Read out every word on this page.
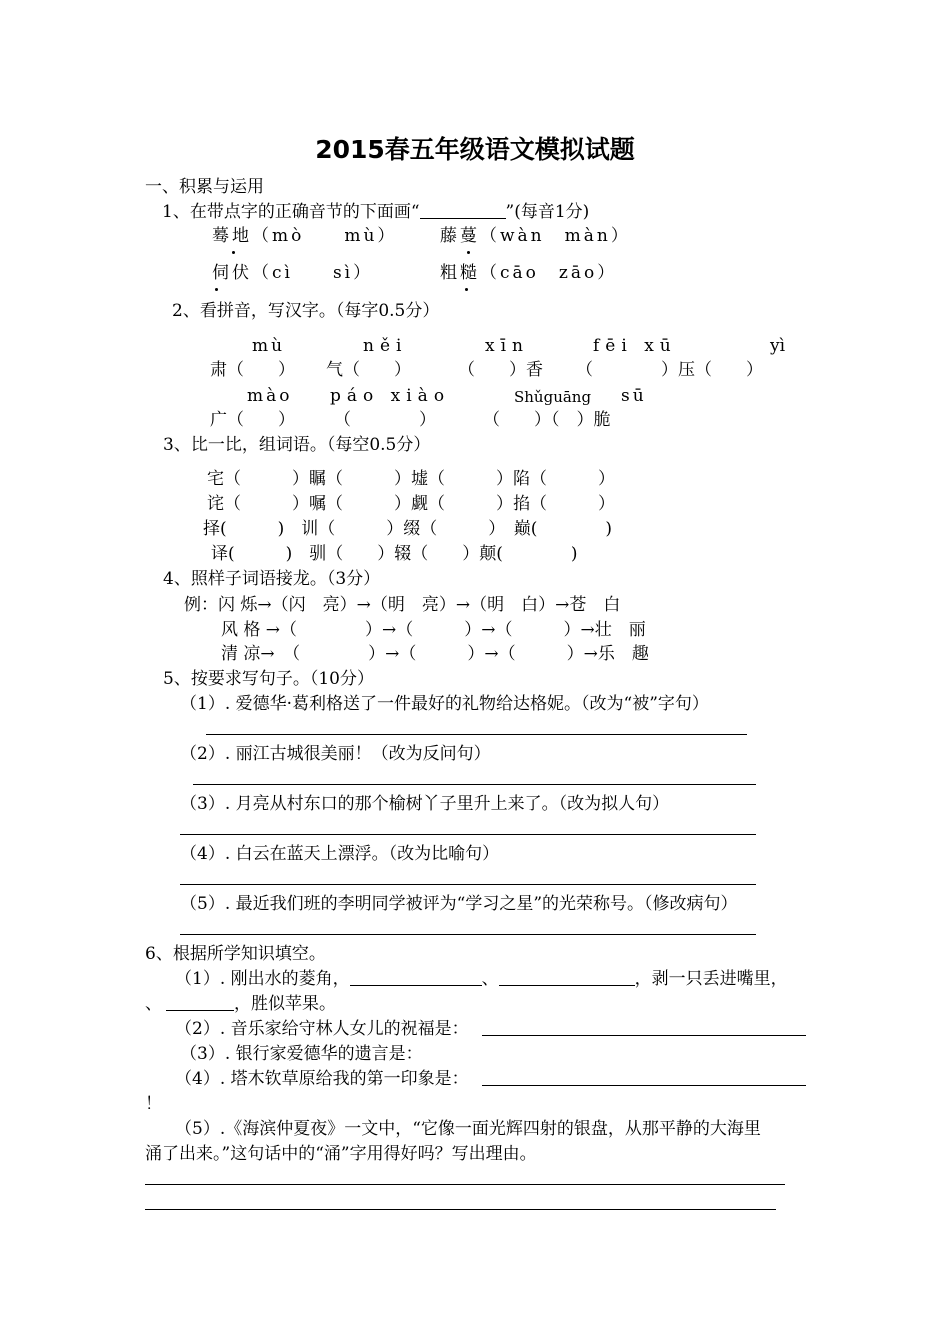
2015春五年级语文模拟试题
一、积累与运用
1、在带点字的正确音节的下面画“	”(每音1分)
蓦地（mò　　mù）	藤蔓（wàn　màn）
伺伏（cì　　sì）	粗糙（cāo　zāo）
2、看拼音，写汉字。（每字0.5分）
mù	něi	xīn	fēi xū	yì
肃（　　） 气（　　）	（　　）香 （　　　　）压（　　）
mào páo xiào	Shǔguāng sū
广（　　） （　　　　）	（　　）（　）脆
3、比一比，组词语。（每空0.5分）
宅（　　　）瞩（　　　）墟（　　　）陷（　　　）
诧（　　　）嘱（　　　）觑（　　　）掐（　　　）
择(　　　)　训（　　　）缀（　　　）　巅(　　　　)
译(　　　)　驯（　　）辍（　　）颠(　　　　)
4、照样子词语接龙。（3分）
例：闪 烁→（闪　亮）→（明　亮）→（明　白）→苍　白
风 格 →（　　　　）→（　　　）→（　　　）→壮　丽
清 凉→　（　　　　）→（　　　）→（　　　）→乐　趣
5、按要求写句子。（10分）
（1）. 爱德华·葛利格送了一件最好的礼物给达格妮。（改为“被”字句）
（2）. 丽江古城很美丽！（改为反问句）
（3）. 月亮从村东口的那个榆树丫子里升上来了。（改为拟人句）
（4）. 白云在蓝天上漂浮。（改为比喻句）
（5）. 最近我们班的李明同学被评为“学习之星”的光荣称号。（修改病句）
6、根据所学知识填空。
（1）. 刚出水的菱角，	、	，剥一只丢进嘴里，
、	，胜似苹果。
（2）. 音乐家给守林人女儿的祝福是：
（3）. 银行家爱德华的遗言是：
（4）. 塔木钦草原给我的第一印象是：
！
（5）.《海滨仲夏夜》一文中，“它像一面光辉四射的银盘，从那平静的大海里
涌了出来。”这句话中的“涌”字用得好吗？写出理由。
